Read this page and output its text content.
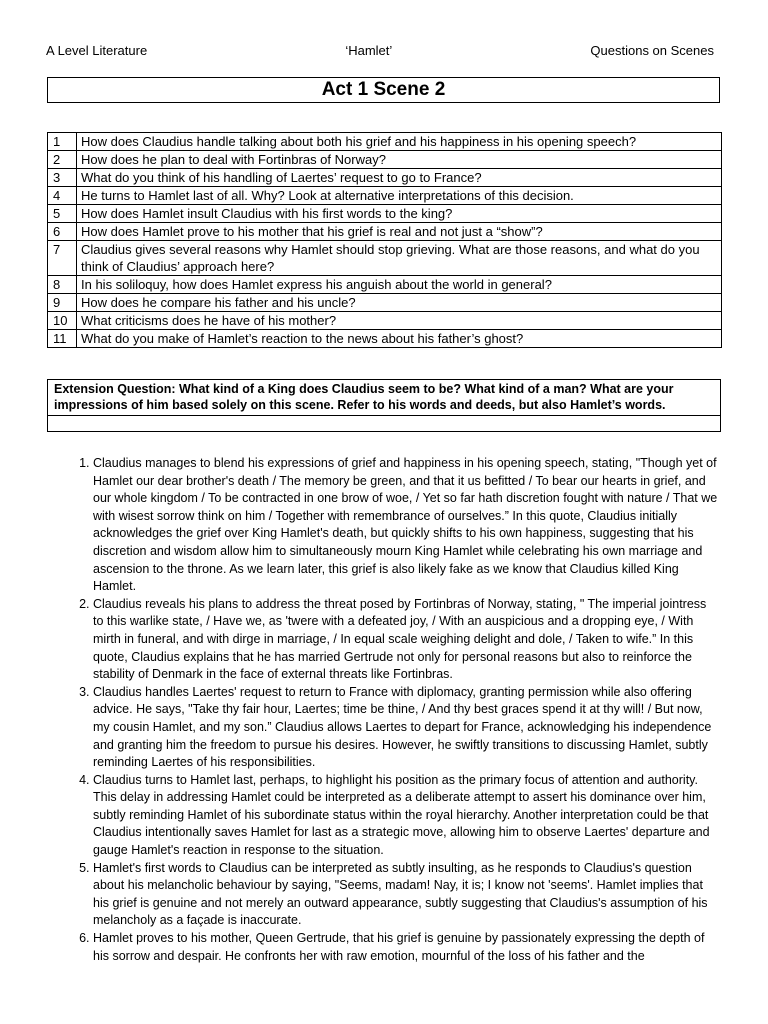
A Level Literature	‘Hamlet’	Questions on Scenes
Act 1 Scene 2
1	How does Claudius handle talking about both his grief and his happiness in his opening speech?
2	How does he plan to deal with Fortinbras of Norway?
3	What do you think of his handling of Laertes’ request to go to France?
4	He turns to Hamlet last of all. Why? Look at alternative interpretations of this decision.
5	How does Hamlet insult Claudius with his first words to the king?
6	How does Hamlet prove to his mother that his grief is real and not just a “show”?
7	Claudius gives several reasons why Hamlet should stop grieving. What are those reasons, and what do you think of Claudius’ approach here?
8	In his soliloquy, how does Hamlet express his anguish about the world in general?
9	How does he compare his father and his uncle?
10	What criticisms does he have of his mother?
11	What do you make of Hamlet’s reaction to the news about his father’s ghost?
Extension Question: What kind of a King does Claudius seem to be? What kind of a man? What are your impressions of him based solely on this scene. Refer to his words and deeds, but also Hamlet’s words.
1. Claudius manages to blend his expressions of grief and happiness in his opening speech, stating, "Though yet of Hamlet our dear brother's death / The memory be green, and that it us befitted / To bear our hearts in grief, and our whole kingdom / To be contracted in one brow of woe, / Yet so far hath discretion fought with nature / That we with wisest sorrow think on him / Together with remembrance of ourselves.” In this quote, Claudius initially acknowledges the grief over King Hamlet's death, but quickly shifts to his own happiness, suggesting that his discretion and wisdom allow him to simultaneously mourn King Hamlet while celebrating his own marriage and ascension to the throne. As we learn later, this grief is also likely fake as we know that Claudius killed King Hamlet.
2. Claudius reveals his plans to address the threat posed by Fortinbras of Norway, stating, " The imperial jointress to this warlike state, / Have we, as 'twere with a defeated joy, / With an auspicious and a dropping eye, / With mirth in funeral, and with dirge in marriage, / In equal scale weighing delight and dole, / Taken to wife.” In this quote, Claudius explains that he has married Gertrude not only for personal reasons but also to reinforce the stability of Denmark in the face of external threats like Fortinbras.
3. Claudius handles Laertes' request to return to France with diplomacy, granting permission while also offering advice. He says, "Take thy fair hour, Laertes; time be thine, / And thy best graces spend it at thy will! / But now, my cousin Hamlet, and my son.” Claudius allows Laertes to depart for France, acknowledging his independence and granting him the freedom to pursue his desires. However, he swiftly transitions to discussing Hamlet, subtly reminding Laertes of his responsibilities.
4. Claudius turns to Hamlet last, perhaps, to highlight his position as the primary focus of attention and authority. This delay in addressing Hamlet could be interpreted as a deliberate attempt to assert his dominance over him, subtly reminding Hamlet of his subordinate status within the royal hierarchy. Another interpretation could be that Claudius intentionally saves Hamlet for last as a strategic move, allowing him to observe Laertes' departure and gauge Hamlet's reaction in response to the situation.
5. Hamlet's first words to Claudius can be interpreted as subtly insulting, as he responds to Claudius's question about his melancholic behaviour by saying, "Seems, madam! Nay, it is; I know not 'seems'. Hamlet implies that his grief is genuine and not merely an outward appearance, subtly suggesting that Claudius's assumption of his melancholy as a façade is inaccurate.
6. Hamlet proves to his mother, Queen Gertrude, that his grief is genuine by passionately expressing the depth of his sorrow and despair. He confronts her with raw emotion, mournful of the loss of his father and the
